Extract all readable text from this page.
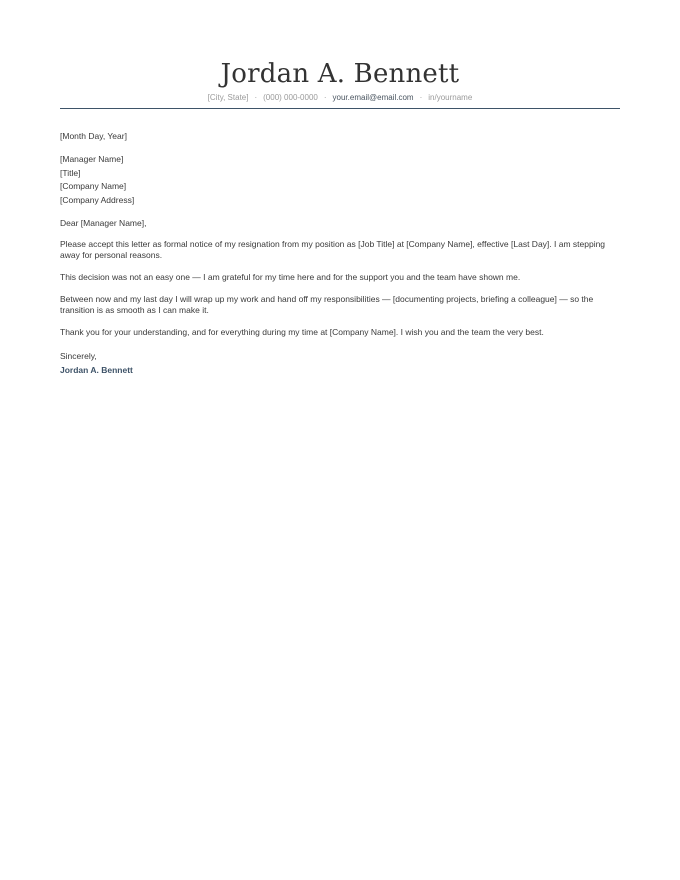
Jordan A. Bennett
[City, State] · (000) 000-0000 · your.email@email.com · in/yourname
[Month Day, Year]
[Manager Name]
[Title]
[Company Name]
[Company Address]
Dear [Manager Name],
Please accept this letter as formal notice of my resignation from my position as [Job Title] at [Company Name], effective [Last Day]. I am stepping away for personal reasons.
This decision was not an easy one — I am grateful for my time here and for the support you and the team have shown me.
Between now and my last day I will wrap up my work and hand off my responsibilities — [documenting projects, briefing a colleague] — so the transition is as smooth as I can make it.
Thank you for your understanding, and for everything during my time at [Company Name]. I wish you and the team the very best.
Sincerely,
Jordan A. Bennett
